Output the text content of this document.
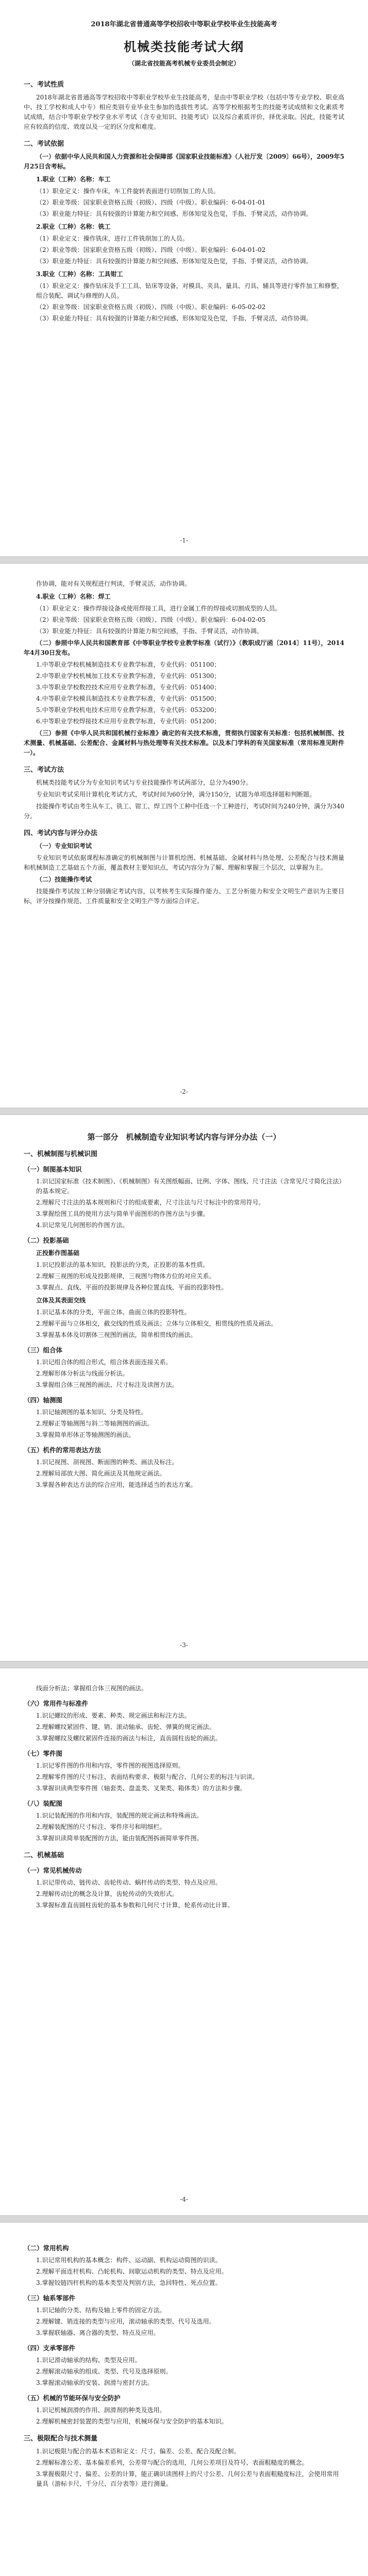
2018年湖北省普通高等学校招收中等职业学校毕业生技能高考
机械类技能考试大纲
（湖北省技能高考机械专业委员会制定）
一、考试性质

2018年湖北省普通高等学校招收中等职业学校毕业生技能高考，是由中等职业学校（包括中等专业学校、职业高中、技工学校和成人中专）相应类别专业毕业生参加的选拔性考试。高等学校根据考生的技能考试成绩和文化素质考试成绩，结合中等职业学校学业水平考试（含专业知识、技能考试）以及综合素质评价，择优录取。因此，技能考试应有较高的信度、效度以及一定的区分度和难度。

二、考试依据

（一）依据中华人民共和国人力资源和社会保障部《国家职业技能标准》（人社厅发〔2009〕66号），2009年5月25日含考标。

1.职业（工种）名称：车工
（1）职业定义：操作车床，车工件旋转表面进行切削加工的人员。
（2）职业等级：国家职业资格五级（初级）、四级（中级）。职业编码：6-04-01-01
（3）职业能力特征：具有较强的计算能力和空间感、形体知觉及色觉，手指、手臂灵活，动作协调。
2.职业（工种）名称：铣工
（1）职业定义：操作铣床，进行工件铣削加工的人员。
（2）职业等级：国家职业资格五级（初级）、四级（中级）。职业编码：6-04-01-02
（3）职业能力特征：具有较强的计算能力和空间感、形体知觉及色觉，手指、手臂灵活，动作协调。
3.职业（工种）名称：工具钳工
（1）职业定义：操作钻床及手工工具、钻床等设备，对模具、夹具、量具、刃具、辅具等进行零件加工和修整，组合装配、调试与修理的人员。
（2）职业等级：国家职业资格五级（初级）、四级（中级）。职业编码：6-05-02-02
（3）职业能力特征：具有较强的计算能力和空间感、形体知觉及色觉，手指、手臂灵活，动作协调。
-1-

作协调，能对有关规程进行判读，手臂灵活，动作协调。

4.职业（工种）名称：焊工
（1）职业定义：操作焊接设备或使用焊接工具，进行金属工件的焊接或切割成型的人员。
（2）职业等级：国家职业资格五级（初级）、四级（中级）。职业编码：6-04-02-05
（3）职业能力特征：具有较强的计算能力和空间感，手指、手臂灵活，动作协调。

（二）参照中华人民共和国教育部《中等职业学校专业教学标准（试行）》（教职成厅函〔2014〕11号），2014年4月30日发布。

1.中等职业学校机械制造技术专业教学标准，专业代码：051100；
2.中等职业学校机械加工技术专业教学标准，专业代码：051300；
3.中等职业学校数控技术应用专业教学标准，专业代码：051400；
4.中等职业学校模具制造技术专业教学标准，专业代码：051500；
5.中等职业学校机电技术应用专业教学标准，专业代码：053200；
6.中等职业学校焊接技术应用专业教学标准，专业代码：051200；

（三）参照《中华人民共和国机械行业标准》确定的有关技术标准，贯彻执行国家有关标准：包括机械制图、技术测量、机械基础、公差配合、金属材料与热处理等有关技术标准。以及本门学科的有关国家标准（常用标准见附件一）。

三、考试方法

机械类技能考试分为专业知识考试与专业技能操作考试两部分，总分为490分。

专业知识考试采用计算机化考试方式，考试时间为60分钟，满分150分，试题为单项选择题和判断题。

技能操作考试由考生从车工、铣工、钳工、焊工四个工种中任选一个工种进行，考试时间为240分钟，满分为340分。

四、考试内容与评分办法

（一）专业知识考试

专业知识考试依据课程标准确定的机械制图与计算机绘图、机械基础、金属材料与热处理、公差配合与技术测量和机械制造工艺基础五个方面，覆盖教材主要知识点，考试内容分为了解、理解和掌握三个层次，以掌握为主。

（二）技能操作考试

技能操作考试按工种分别确定考试内容，以考核考生实际操作能力、工艺分析能力和安全文明生产意识为主要目标，评分按操作规范、工件质量和安全文明生产等方面综合评定。

-2-
第一部分　机械制造专业知识考试内容与评分办法（一）
一、机械制图与机械识图
（一）制图基本知识
1.识记国家标准《技术制图》、《机械制图》有关图纸幅面、比例、字体、图线、尺寸注法（含常见尺寸简化注法）的基本规定。
2.理解尺寸注法的基本规则和尺寸的组成要素，尺寸注法与尺寸标注中的常用符号。
3.掌握绘图工具的使用方法与简单平面图形的作图方法与步骤。
4.识记常见几何图形的作图方法。
（二）投影基础
正投影作图基础
1.识记投影法的基本知识，投影法的分类，正投影的基本性质。
2.理解三视图的形成及投影规律，三视图与物体方位的对应关系。
3.掌握点、直线、平面的投影规律及各种位置直线、平面的投影特性。
立体及其表面交线
1.识记基本体的分类，平面立体、曲面立体的投影特性。
2.理解平面与立体相交，截交线的性质及画法；立体与立体相交，相贯线的性质及画法。
3.掌握基本体及切割体三视图的画法，简单相贯线的画法。
（三）组合体
1.识记组合体的组合形式，组合体表面连接关系。
2.理解形体分析法与线面分析法。
3.掌握组合体三视图的画法、尺寸标注及读图方法。
（四）轴测图
1.识记轴测图的基本知识、分类及特性。
2.理解正等轴测图与斜二等轴测图的画法。
3.掌握简单形体正等轴测图的画法。
（五）机件的常用表达方法
1.识记视图、剖视图、断面图的种类、画法及标注。
2.理解局部放大图、简化画法及其他规定画法。
3.掌握各种表达方法的综合应用，能选择适当的表达方案。
-3-

线面分析法；掌握组合体三视图的画法。

（六）常用件与标准件
1.识记螺纹的形成、要素、种类、规定画法和标注方法。
2.理解螺纹紧固件、键、销、滚动轴承、齿轮、弹簧的规定画法。
3.掌握螺纹及螺纹紧固件连接的画法与标注，直齿圆柱齿轮的画法。
（七）零件图
1.识记零件图的作用和内容，零件图的视图选择原则。
2.理解零件图的尺寸标注、表面结构要求、极限与配合、几何公差的标注与识读。
3.掌握识读典型零件图（轴套类、盘盖类、叉架类、箱体类）的方法和步骤。
（八）装配图
1.识记装配图的作用和内容，装配图的规定画法和特殊画法。
2.理解装配图的尺寸标注、零件序号和明细栏。
3.掌握识读简单装配图的方法，能由装配图拆画简单零件图。
二、机械基础
（一）常见机械传动
1.识记带传动、链传动、齿轮传动、蜗杆传动的类型、特点及应用。
2.理解传动比的概念及计算，齿轮传动的失效形式。
3.掌握标准直齿圆柱齿轮的基本参数和几何尺寸计算，轮系传动比计算。
-4-
（二）常用机构
1.识记常用机构的基本概念：构件、运动副、机构运动简图的识读。
2.理解平面连杆机构、凸轮机构、间歇运动机构的类型、特点及应用。
3.掌握铰链四杆机构的基本类型及判别方法，急回特性、死点位置。
（三）轴系零部件
1.识记轴的分类、结构及轴上零件的固定方法。
2.理解键、销连接的类型与应用，滚动轴承的类型、代号及选用。
3.掌握联轴器、离合器的类型、特点及应用。
（四）支承零部件
1.识记滑动轴承的结构、类型及应用。
2.理解滚动轴承的组成、类型、代号及选择原则。
3.掌握滚动轴承的安装、润滑与密封方法。
（五）机械的节能环保与安全防护
1.识记机械润滑的作用、润滑剂的种类及选用。
2.理解机械密封装置的类型与应用，机械环保与安全防护的基本知识。
三、极限配合与技术测量
1.识记极限与配合的基本术语和定义：尺寸、偏差、公差、配合及配合制。
2.理解标准公差、基本偏差系列，公差带与配合的选用，几何公差项目及符号、表面粗糙度的概念。
3.掌握极限尺寸、偏差、公差的计算，能正确识读图样上的尺寸公差、几何公差与表面粗糙度标注，会使用常用量具（游标卡尺、千分尺、百分表等）进行测量。
